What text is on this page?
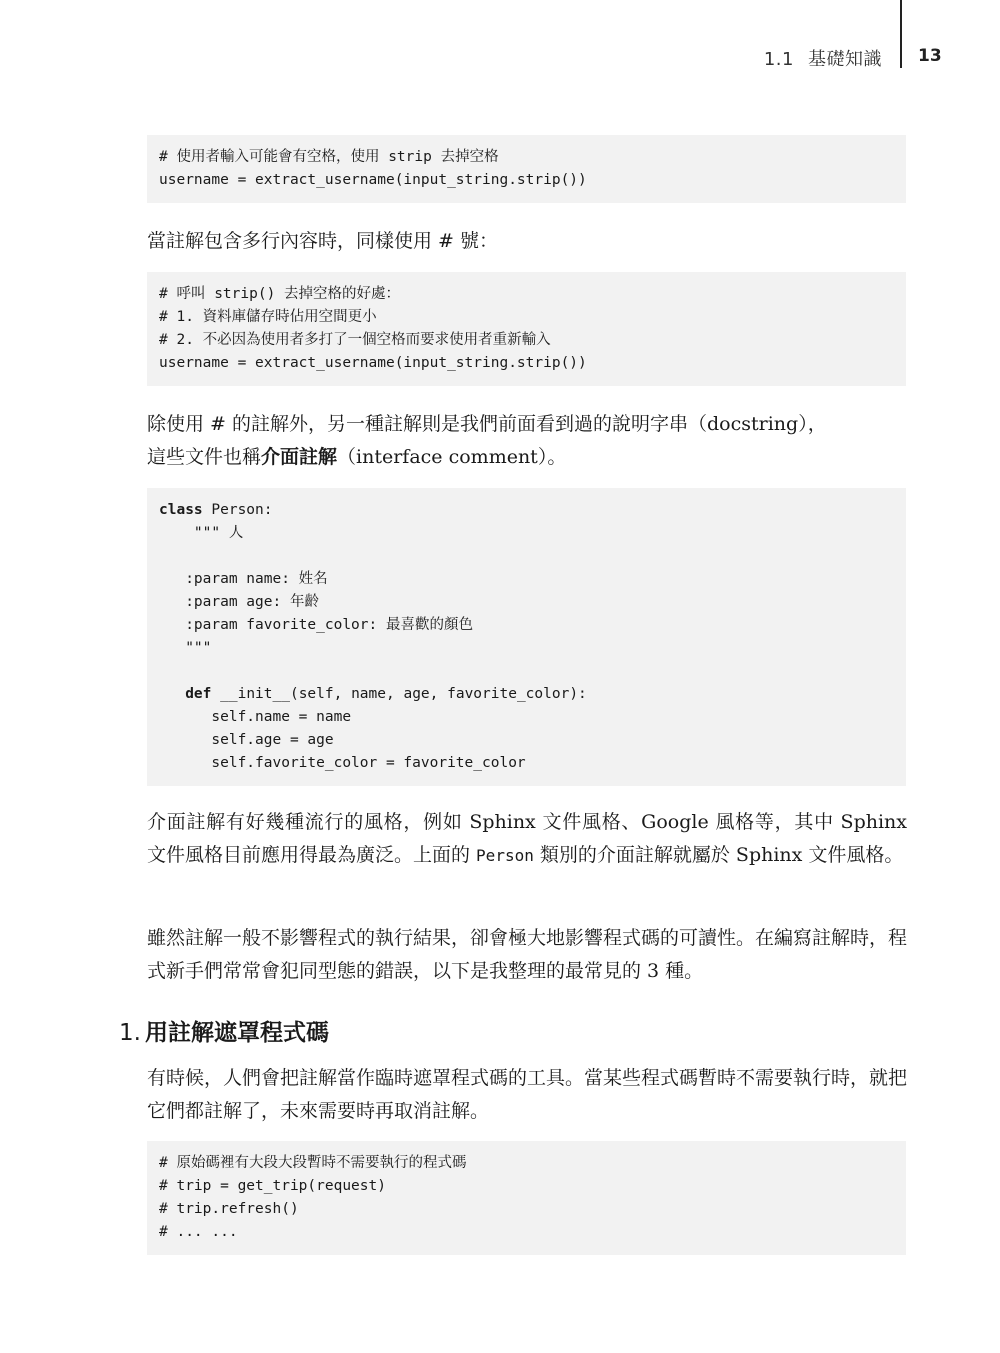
1.1 基礎知識 13
# 使用者輸入可能會有空格，使用 strip 去掉空格
username = extract_username(input_string.strip())

當註解包含多行內容時，同樣使用 # 號：

# 呼叫 strip() 去掉空格的好處：
# 1. 資料庫儲存時佔用空間更小
# 2. 不必因為使用者多打了一個空格而要求使用者重新輸入
username = extract_username(input_string.strip())

除使用 # 的註解外，另一種註解則是我們前面看到過的說明字串（docstring），
這些文件也稱介面註解（interface comment）。

class Person:
""" 人
:param name: 姓名
:param age: 年齡
:param favorite_color: 最喜歡的顏色
"""
def __init__(self, name, age, favorite_color):
self.name = name
self.age = age
self.favorite_color = favorite_color

介面註解有好幾種流行的風格，例如 Sphinx 文件風格、Google 風格等，其中 Sphinx 文件風格目前應用得最為廣泛。上面的 Person 類別的介面註解就屬於 Sphinx 文件風格。

雖然註解一般不影響程式的執行結果，卻會極大地影響程式碼的可讀性。在編寫註解時，程式新手們常常會犯同型態的錯誤，以下是我整理的最常見的 3 種。

1. 用註解遮罩程式碼

有時候，人們會把註解當作臨時遮罩程式碼的工具。當某些程式碼暫時不需要執行時，就把它們都註解了，未來需要時再取消註解。

# 原始碼裡有大段大段暫時不需要執行的程式碼
# trip = get_trip(request)
# trip.refresh()
# ... ...
